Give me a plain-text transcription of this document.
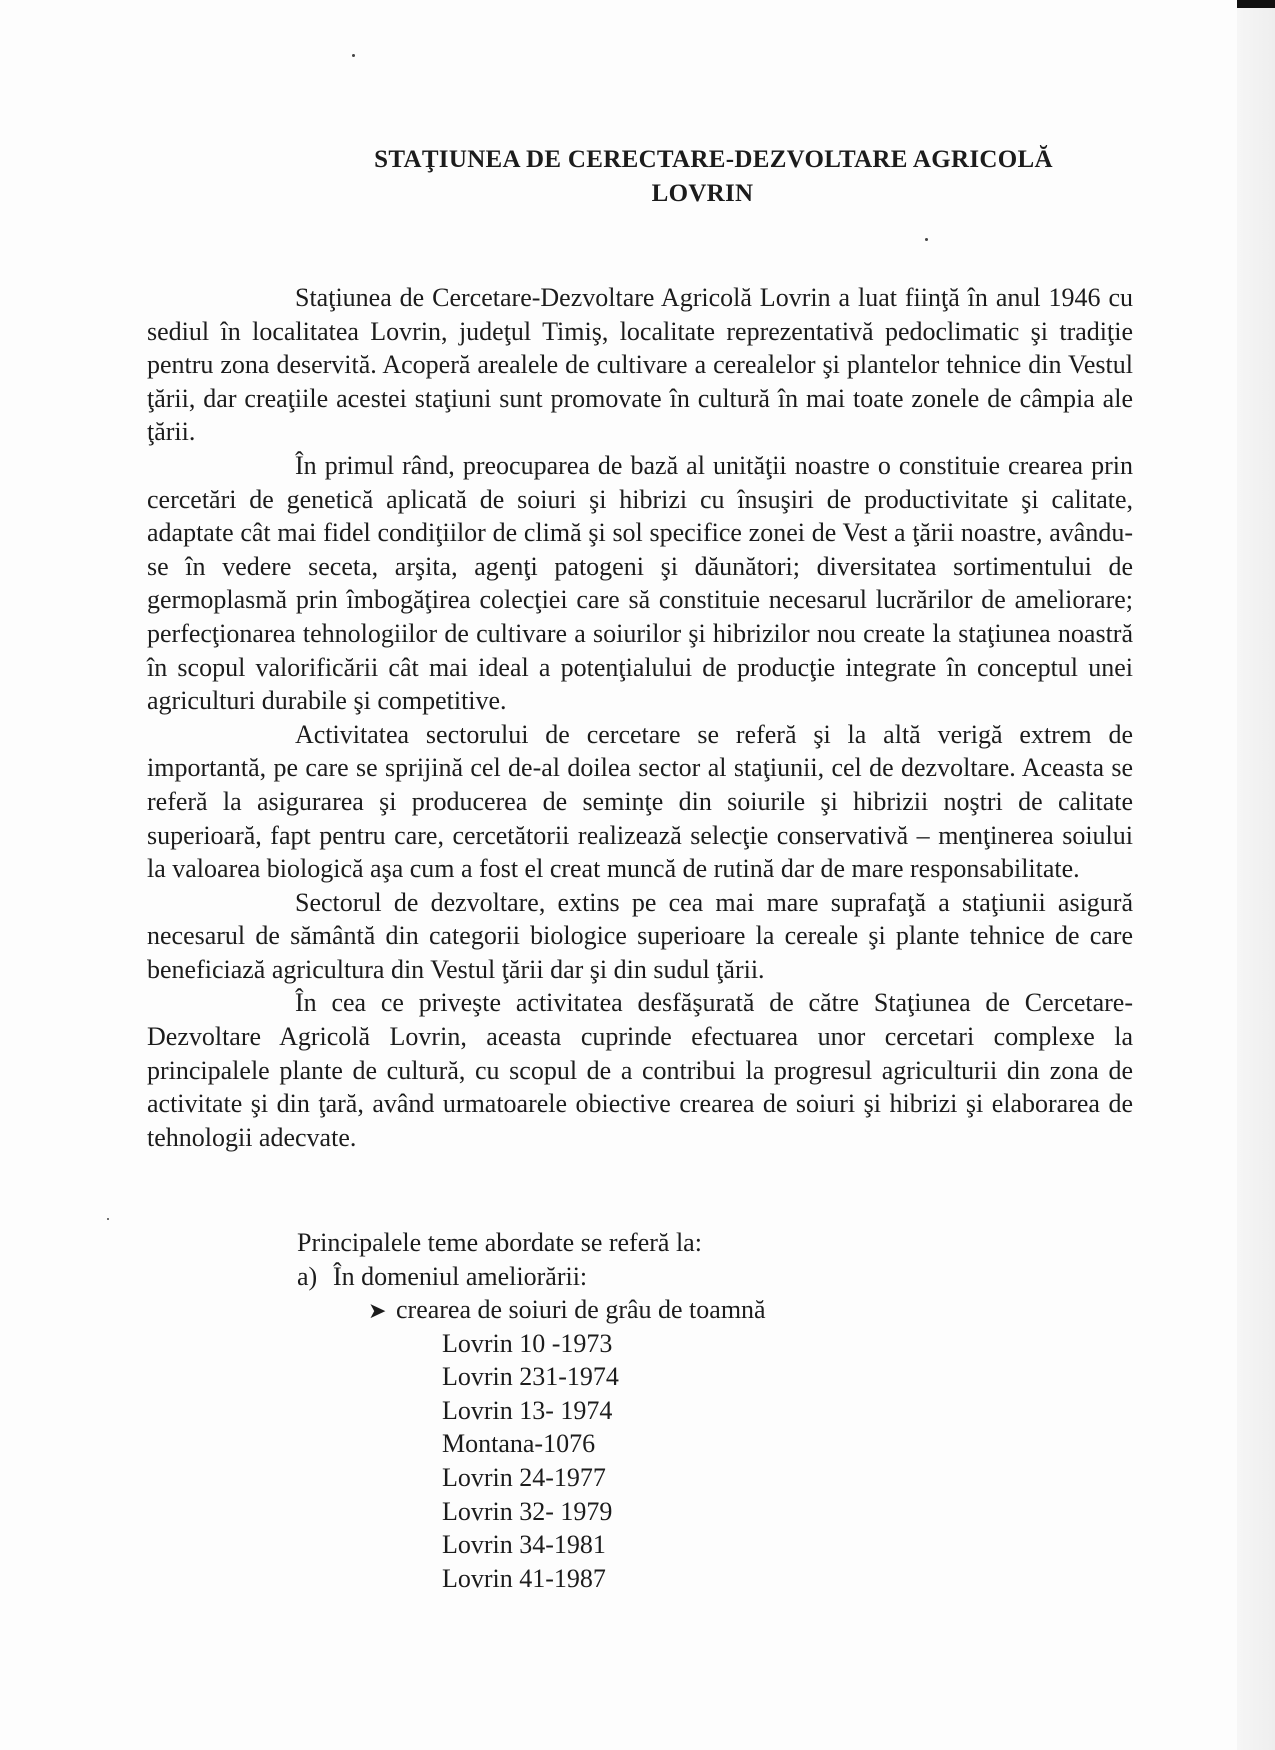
STAŢIUNEA DE CERECTARE-DEZVOLTARE AGRICOLĂ
LOVRIN

Staţiunea de Cercetare-Dezvoltare Agricolă Lovrin a luat fiinţă în anul 1946 cu sediul în localitatea Lovrin, judeţul Timiş, localitate reprezentativă pedoclimatic şi tradiţie pentru zona deservită. Acoperă arealele de cultivare a cerealelor şi plantelor tehnice din Vestul ţării, dar creaţiile acestei staţiuni sunt promovate în cultură în mai toate zonele de câmpia ale ţării.

În primul rând, preocuparea de bază al unităţii noastre o constituie crearea prin cercetări de genetică aplicată de soiuri şi hibrizi cu însuşiri de productivitate şi calitate, adaptate cât mai fidel condiţiilor de climă şi sol specifice zonei de Vest a ţării noastre, avându-se în vedere seceta, arşita, agenţi patogeni şi dăunători; diversitatea sortimentului de germoplasmă prin îmbogăţirea colecţiei care să constituie necesarul lucrărilor de ameliorare; perfecţionarea tehnologiilor de cultivare a soiurilor şi hibrizilor nou create la staţiunea noastră în scopul valorificării cât mai ideal a potenţialului de producţie integrate în conceptul unei agriculturi durabile şi competitive.

Activitatea sectorului de cercetare se referă şi la altă verigă extrem de importantă, pe care se sprijină cel de-al doilea sector al staţiunii, cel de dezvoltare. Aceasta se referă la asigurarea şi producerea de seminţe din soiurile şi hibrizii noştri de calitate superioară, fapt pentru care, cercetătorii realizează selecţie conservativă – menţinerea soiului la valoarea biologică aşa cum a fost el creat muncă de rutină dar de mare responsabilitate.

Sectorul de dezvoltare, extins pe cea mai mare suprafaţă a staţiunii asigură necesarul de sământă din categorii biologice superioare la cereale şi plante tehnice de care beneficiază agricultura din Vestul ţării dar şi din sudul ţării.

În cea ce priveşte activitatea desfăşurată de către Staţiunea de Cercetare-Dezvoltare Agricolă Lovrin, aceasta cuprinde efectuarea unor cercetari complexe la principalele plante de cultură, cu scopul de a contribui la progresul agriculturii din zona de activitate şi din ţară, având urmatoarele obiective crearea de soiuri şi hibrizi şi elaborarea de tehnologii adecvate.

Principalele teme abordate se referă la:
a) În domeniul ameliorării:
➤ crearea de soiuri de grâu de toamnă
Lovrin 10 -1973
Lovrin 231-1974
Lovrin 13- 1974
Montana-1076
Lovrin 24-1977
Lovrin 32- 1979
Lovrin 34-1981
Lovrin 41-1987
